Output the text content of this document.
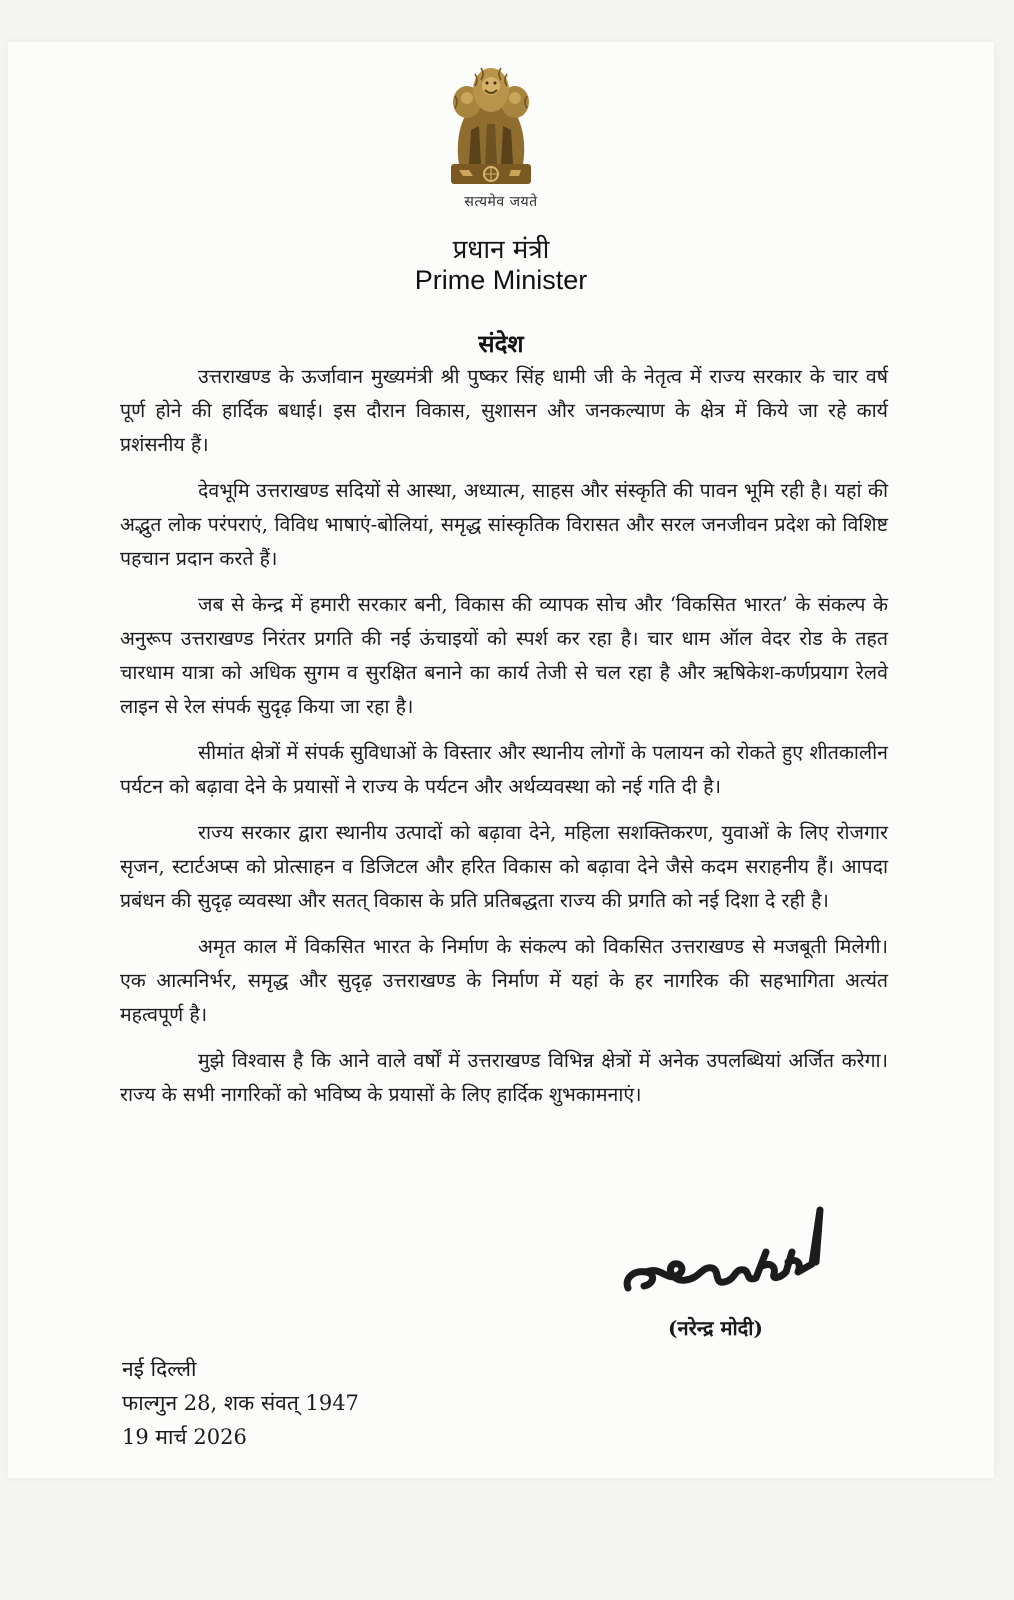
सत्यमेव जयते
प्रधान मंत्री
Prime Minister
संदेश

उत्तराखण्ड के ऊर्जावान मुख्यमंत्री श्री पुष्कर सिंह धामी जी के नेतृत्व में राज्य सरकार के चार वर्ष पूर्ण होने की हार्दिक बधाई। इस दौरान विकास, सुशासन और जनकल्याण के क्षेत्र में किये जा रहे कार्य प्रशंसनीय हैं।

देवभूमि उत्तराखण्ड सदियों से आस्था, अध्यात्म, साहस और संस्कृति की पावन भूमि रही है। यहां की अद्भुत लोक परंपराएं, विविध भाषाएं-बोलियां, समृद्ध सांस्कृतिक विरासत और सरल जनजीवन प्रदेश को विशिष्ट पहचान प्रदान करते हैं।

जब से केन्द्र में हमारी सरकार बनी, विकास की व्यापक सोच और ‘विकसित भारत’ के संकल्प के अनुरूप उत्तराखण्ड निरंतर प्रगति की नई ऊंचाइयों को स्पर्श कर रहा है। चार धाम ऑल वेदर रोड के तहत चारधाम यात्रा को अधिक सुगम व सुरक्षित बनाने का कार्य तेजी से चल रहा है और ऋषिकेश-कर्णप्रयाग रेलवे लाइन से रेल संपर्क सुदृढ़ किया जा रहा है।

सीमांत क्षेत्रों में संपर्क सुविधाओं के विस्तार और स्थानीय लोगों के पलायन को रोकते हुए शीतकालीन पर्यटन को बढ़ावा देने के प्रयासों ने राज्य के पर्यटन और अर्थव्यवस्था को नई गति दी है।

राज्य सरकार द्वारा स्थानीय उत्पादों को बढ़ावा देने, महिला सशक्तिकरण, युवाओं के लिए रोजगार सृजन, स्टार्टअप्स को प्रोत्साहन व डिजिटल और हरित विकास को बढ़ावा देने जैसे कदम सराहनीय हैं। आपदा प्रबंधन की सुदृढ़ व्यवस्था और सतत् विकास के प्रति प्रतिबद्धता राज्य की प्रगति को नई दिशा दे रही है।

अमृत काल में विकसित भारत के निर्माण के संकल्प को विकसित उत्तराखण्ड से मजबूती मिलेगी। एक आत्मनिर्भर, समृद्ध और सुदृढ़ उत्तराखण्ड के निर्माण में यहां के हर नागरिक की सहभागिता अत्यंत महत्वपूर्ण है।

मुझे विश्वास है कि आने वाले वर्षों में उत्तराखण्ड विभिन्न क्षेत्रों में अनेक उपलब्धियां अर्जित करेगा। राज्य के सभी नागरिकों को भविष्य के प्रयासों के लिए हार्दिक शुभकामनाएं।

(नरेन्द्र मोदी)
नई दिल्ली
फाल्गुन 28, शक संवत् 1947
19 मार्च 2026
